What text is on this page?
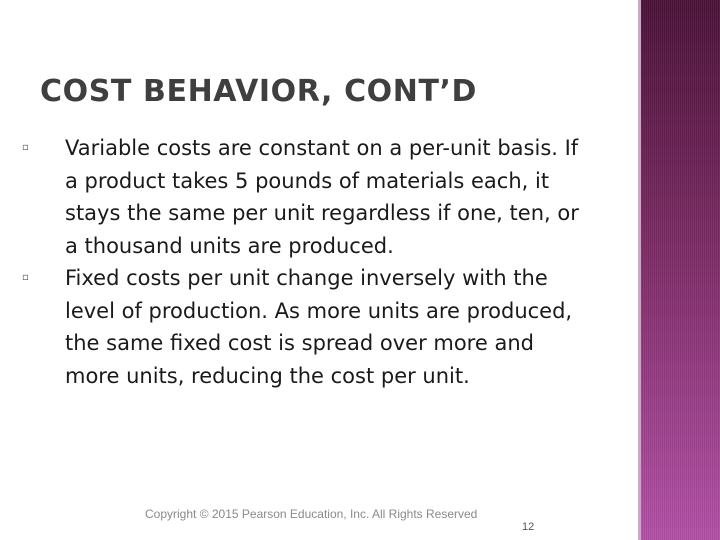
COST BEHAVIOR, CONT’D
▫ Variable costs are constant on a per-unit basis. If a product takes 5 pounds of materials each, it stays the same per unit regardless if one, ten, or a thousand units are produced.
▫ Fixed costs per unit change inversely with the level of production. As more units are produced, the same fixed cost is spread over more and more units, reducing the cost per unit.
Copyright © 2015 Pearson Education, Inc. All Rights Reserved
12
